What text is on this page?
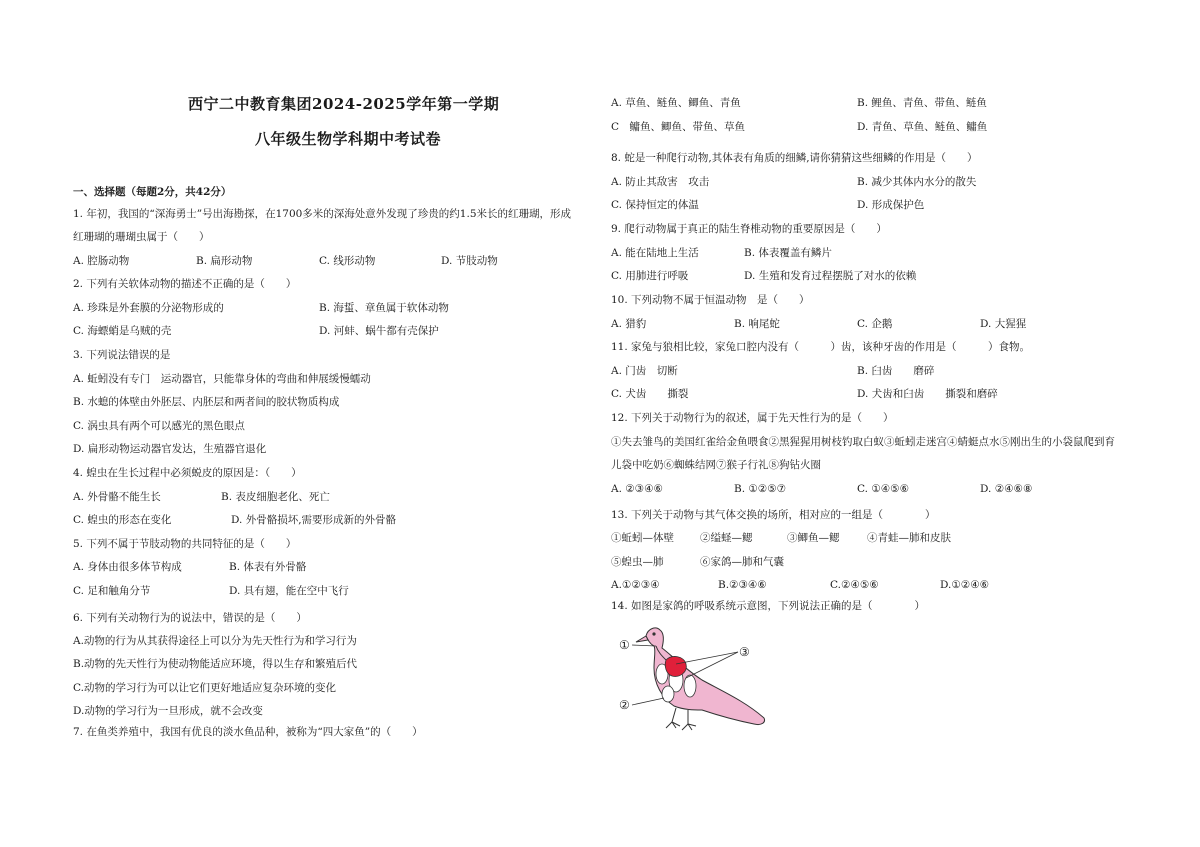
西宁二中教育集团2024-2025学年第一学期
八年级生物学科期中考试卷
一、选择题（每题2分，共42分）
1. 年初，我国的“深海勇士”号出海勘探，在1700多米的深海处意外发现了珍贵的约1.5米长的红珊瑚，形成
红珊瑚的珊瑚虫属于（　　）
A. 腔肠动物	B. 扁形动物	C. 线形动物	D. 节肢动物
2. 下列有关软体动物的描述不正确的是（　　）
A. 珍珠是外套膜的分泌物形成的	B. 海蜇、章鱼属于软体动物
C. 海螵蛸是乌贼的壳	D. 河蚌、蜗牛都有壳保护
3. 下列说法错误的是
A. 蚯蚓没有专门　运动器官，只能靠身体的弯曲和伸展缓慢蠕动
B. 水螅的体壁由外胚层、内胚层和两者间的胶状物质构成
C. 涡虫具有两个可以感光的黑色眼点
D. 扁形动物运动器官发达，生殖器官退化
4. 蝗虫在生长过程中必须蜕皮的原因是：（　　）
A. 外骨骼不能生长	B. 表皮细胞老化、死亡
C. 蝗虫的形态在变化	D. 外骨骼损坏,需要形成新的外骨骼
5. 下列不属于节肢动物的共同特征的是（　　）
A. 身体由很多体节构成	B. 体表有外骨骼
C. 足和触角分节	D. 具有翅，能在空中飞行
6. 下列有关动物行为的说法中，错误的是（　　）
A.动物的行为从其获得途径上可以分为先天性行为和学习行为
B.动物的先天性行为使动物能适应环境，得以生存和繁殖后代
C.动物的学习行为可以让它们更好地适应复杂环境的变化
D.动物的学习行为一旦形成，就不会改变
7. 在鱼类养殖中，我国有优良的淡水鱼品种，被称为“四大家鱼”的（　　）
A. 草鱼、鲢鱼、鲫鱼、青鱼	B. 鲤鱼、青鱼、带鱼、鲢鱼
C　鳙鱼、鲫鱼、带鱼、草鱼	D. 青鱼、草鱼、鲢鱼、鳙鱼
8. 蛇是一种爬行动物,其体表有角质的细鳞,请你猜猜这些细鳞的作用是（　　）
A. 防止其敌害　攻击	B. 减少其体内水分的散失
C. 保持恒定的体温	D. 形成保护色
9. 爬行动物属于真正的陆生脊椎动物的重要原因是（　　）
A. 能在陆地上生活	B. 体表覆盖有鳞片
C. 用肺进行呼吸	D. 生殖和发育过程摆脱了对水的依赖
10. 下列动物不属于恒温动物　是（　　）
A. 猎豹	B. 响尾蛇	C. 企鹅	D. 大猩猩
11. 家兔与狼相比较，家兔口腔内没有（　　　）齿，该种牙齿的作用是（　　　）食物。
A. 门齿　切断	B. 臼齿　　磨碎
C. 犬齿　　撕裂	D. 犬齿和臼齿　　撕裂和磨碎
12. 下列关于动物行为的叙述，属于先天性行为的是（　　）
①失去雏鸟的美国红雀给金鱼喂食②黑猩猩用树枝钓取白蚁③蚯蚓走迷宫④蜻蜓点水⑤刚出生的小袋鼠爬到育
儿袋中吃奶⑥蜘蛛结网⑦猴子行礼⑧狗钻火圈
A. ②③④⑥	B. ①②⑤⑦	C. ①④⑤⑥	D. ②④⑥⑧
13. 下列关于动物与其气体交换的场所，相对应的一组是（　　　　）
①蚯蚓—体壁 ②缢蛏—鳃	③鲫鱼—鳃	④青蛙—肺和皮肤
⑤蝗虫—肺	⑥家鸽—肺和气囊
A.①②③④	B.②③④⑥	C.②④⑤⑥	D.①②④⑥
14. 如图是家鸽的呼吸系统示意图，下列说法正确的是（　　　　）
①
②
③
